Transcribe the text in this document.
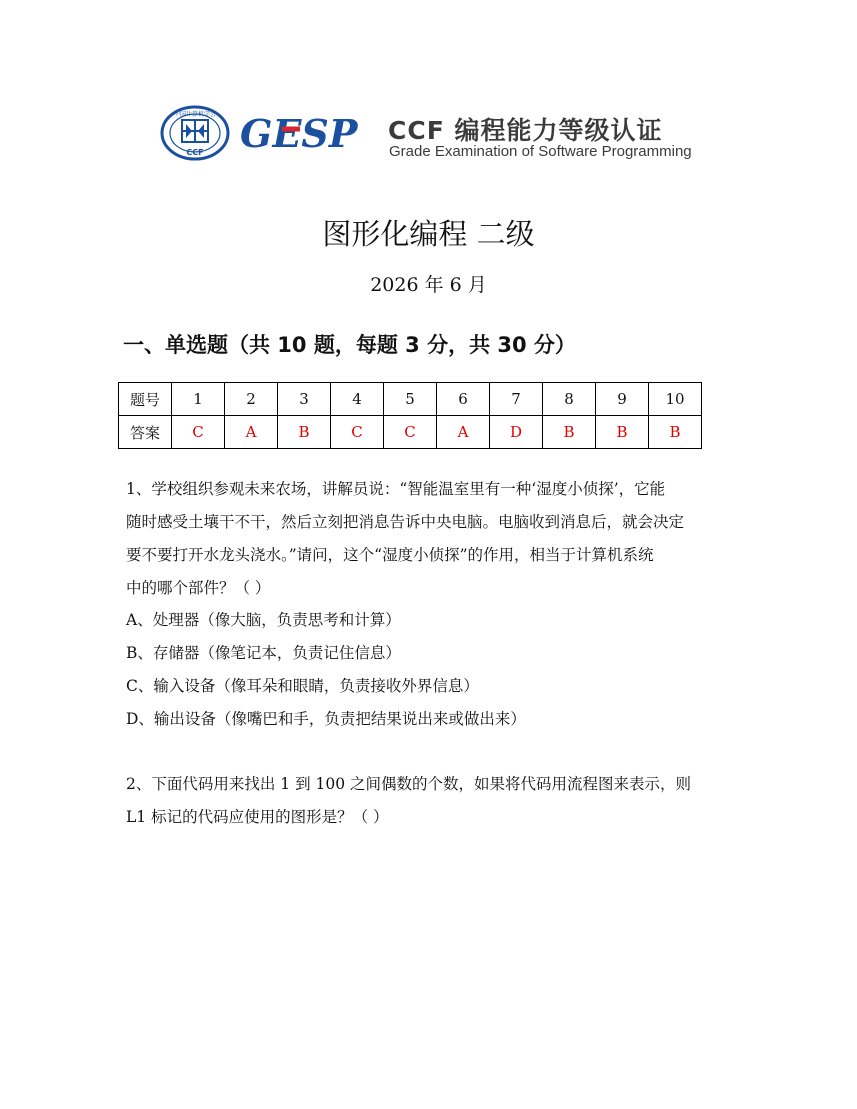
中国计算机学会
CCF GESP CCF 编程能力等级认证
Grade Examination of Software Programming
图形化编程 二级
2026 年 6 月
一、单选题（共 10 题，每题 3 分，共 30 分）
题号	1	2	3	4	5	6	7	8	9	10
答案	C	A	B	C	C	A	D	B	B	B
1、学校组织参观未来农场，讲解员说：“智能温室里有一种‘湿度小侦探’，它能
随时感受土壤干不干，然后立刻把消息告诉中央电脑。电脑收到消息后，就会决定
要不要打开水龙头浇水。”请问，这个“湿度小侦探”的作用，相当于计算机系统
中的哪个部件？（ ）
A、处理器（像大脑，负责思考和计算）
B、存储器（像笔记本，负责记住信息）
C、输入设备（像耳朵和眼睛，负责接收外界信息）
D、输出设备（像嘴巴和手，负责把结果说出来或做出来）
2、下面代码用来找出 1 到 100 之间偶数的个数，如果将代码用流程图来表示，则
L1 标记的代码应使用的图形是？（ ）
